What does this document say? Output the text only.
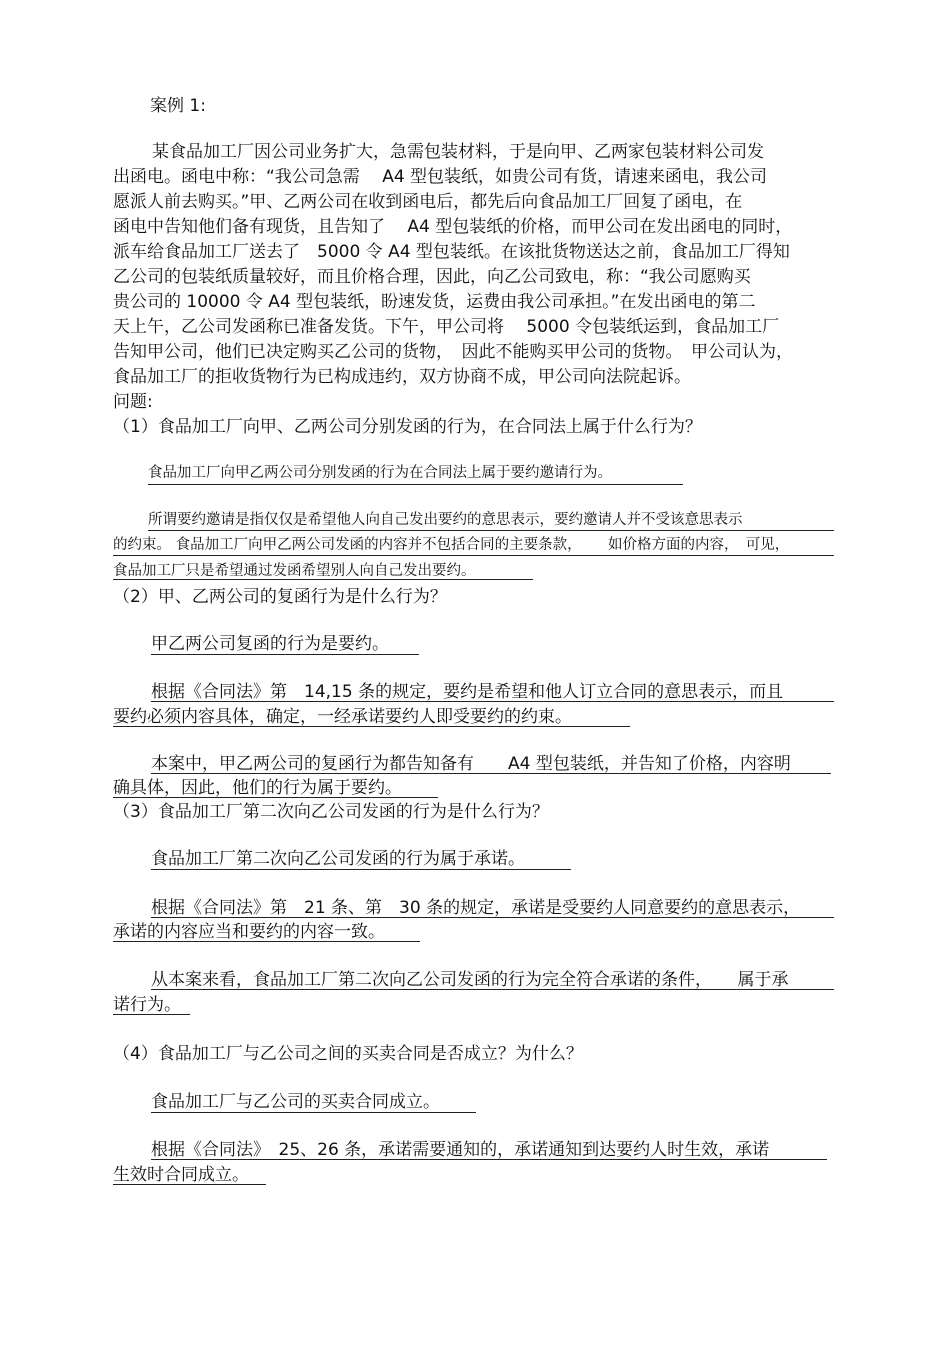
案例 1:
某食品加工厂因公司业务扩大，急需包装材料，于是向甲、乙两家包装材料公司发
出函电。函电中称：“我公司急需　 A4 型包装纸，如贵公司有货，请速来函电，我公司
愿派人前去购买。”甲、乙两公司在收到函电后，都先后向食品加工厂回复了函电，在
函电中告知他们备有现货，且告知了　 A4 型包装纸的价格，而甲公司在发出函电的同时，
派车给食品加工厂送去了　5000 令 A4 型包装纸。在该批货物送达之前，食品加工厂得知
乙公司的包装纸质量较好，而且价格合理，因此，向乙公司致电，称：“我公司愿购买
贵公司的 10000 令 A4 型包装纸，盼速发货，运费由我公司承担。”在发出函电的第二
天上午，乙公司发函称已准备发货。下午，甲公司将　 5000 令包装纸运到，食品加工厂
告知甲公司，他们已决定购买乙公司的货物，　因此不能购买甲公司的货物。　甲公司认为，
食品加工厂的拒收货物行为已构成违约，双方协商不成，甲公司向法院起诉。
问题:
（1）食品加工厂向甲、乙两公司分别发函的行为，在合同法上属于什么行为？
食品加工厂向甲乙两公司分别发函的行为在合同法上属于要约邀请行为。
所谓要约邀请是指仅仅是希望他人向自己发出要约的意思表示，要约邀请人并不受该意思表示
的约束。 食品加工厂向甲乙两公司发函的内容并不包括合同的主要条款，　　 如价格方面的内容，　可见，
食品加工厂只是希望通过发函希望别人向自己发出要约。
（2）甲、乙两公司的复函行为是什么行为？
甲乙两公司复函的行为是要约。
根据《合同法》第　14,15 条的规定，要约是希望和他人订立合同的意思表示，而且
要约必须内容具体，确定，一经承诺要约人即受要约的约束。
本案中，甲乙两公司的复函行为都告知备有　　A4 型包装纸，并告知了价格，内容明
确具体，因此，他们的行为属于要约。
（3）食品加工厂第二次向乙公司发函的行为是什么行为？
食品加工厂第二次向乙公司发函的行为属于承诺。
根据《合同法》第　21 条、第　30 条的规定，承诺是受要约人同意要约的意思表示，
承诺的内容应当和要约的内容一致。
从本案来看，食品加工厂第二次向乙公司发函的行为完全符合承诺的条件，　　属于承
诺行为。
（4）食品加工厂与乙公司之间的买卖合同是否成立？为什么？
食品加工厂与乙公司的买卖合同成立。
根据《合同法》　25、26 条，承诺需要通知的，承诺通知到达要约人时生效，承诺
生效时合同成立。
